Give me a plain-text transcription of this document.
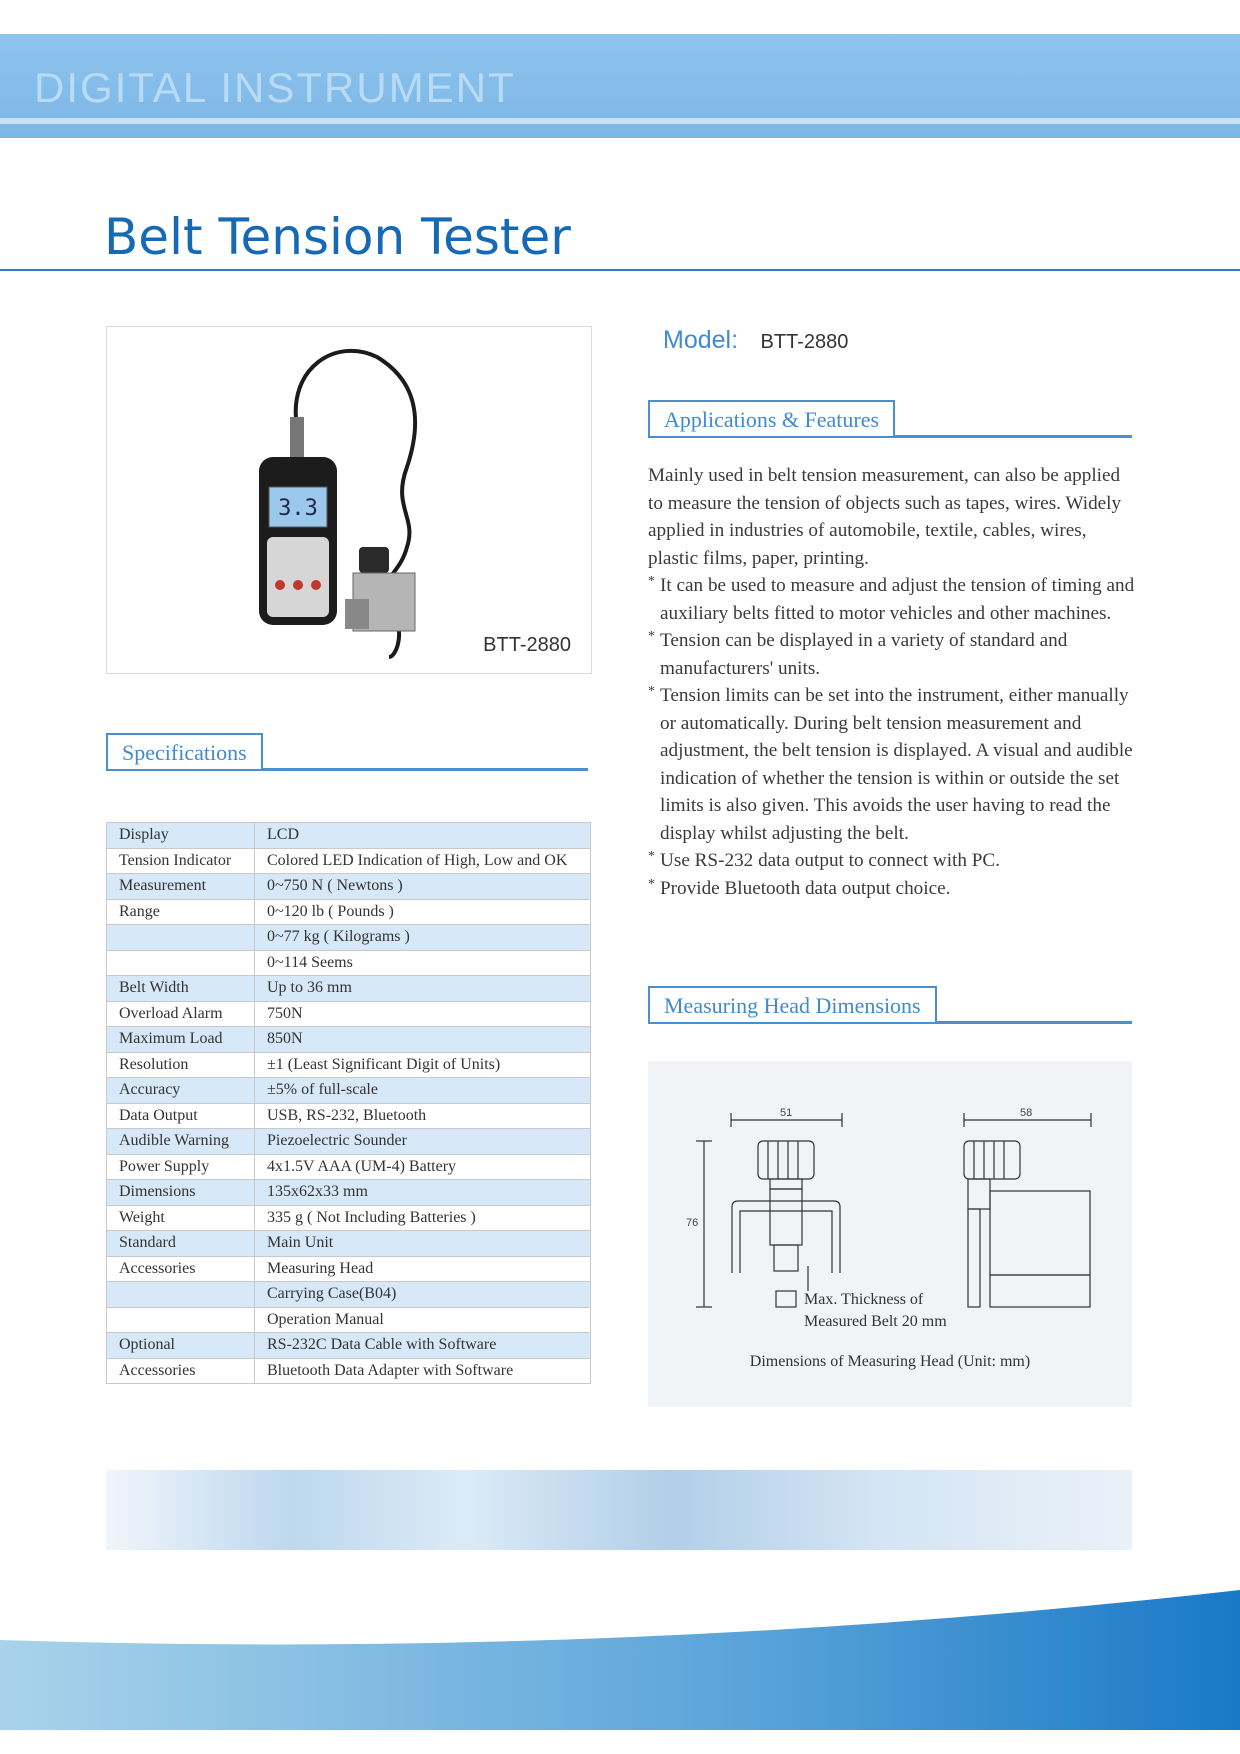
DIGITAL INSTRUMENT
Belt Tension Tester
3.3
BTT-2880
Model: BTT-2880
Applications & Features

Mainly used in belt tension measurement, can also be applied to measure the tension of objects such as tapes, wires. Widely applied in industries of automobile, textile, cables, wires, plastic films, paper, printing.

* It can be used to measure and adjust the tension of timing and auxiliary belts fitted to motor vehicles and other machines.

* Tension can be displayed in a variety of standard and manufacturers' units.

* Tension limits can be set into the instrument, either manually or automatically. During belt tension measurement and adjustment, the belt tension is displayed. A visual and audible indication of whether the tension is within or outside the set limits is also given. This avoids the user having to read the display whilst adjusting the belt.

* Use RS-232 data output to connect with PC.

* Provide Bluetooth data output choice.

Specifications
Display	LCD
Tension Indicator	Colored LED Indication of High, Low and OK
Measurement	0~750 N ( Newtons )
Range	0~120 lb ( Pounds )
	0~77 kg ( Kilograms )
	0~114 Seems
Belt Width	Up to 36 mm
Overload Alarm	750N
Maximum Load	850N
Resolution	±1 (Least Significant Digit of Units)
Accuracy	±5% of full-scale
Data Output	USB, RS-232, Bluetooth
Audible Warning	Piezoelectric Sounder
Power Supply	4x1.5V AAA (UM-4) Battery
Dimensions	135x62x33 mm
Weight	335 g ( Not Including Batteries )
Standard	Main Unit
Accessories	Measuring Head
	Carrying Case(B04)
	Operation Manual
Optional	RS-232C Data Cable with Software
Accessories	Bluetooth Data Adapter with Software
Measuring Head Dimensions
51	58
76
Max. Thickness of
Measured Belt 20 mm
Dimensions of Measuring Head (Unit: mm)
